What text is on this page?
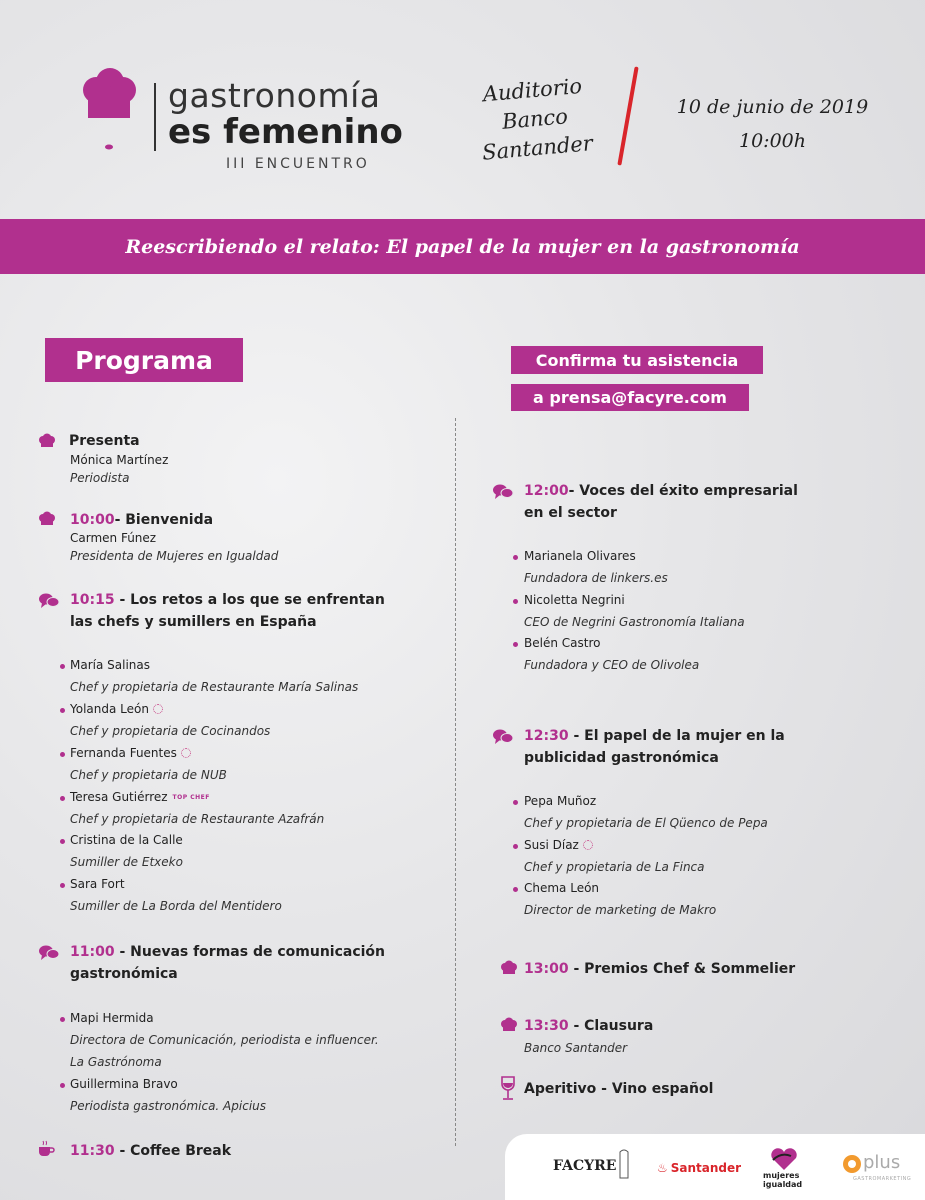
gastronomía
es femenino
III ENCUENTRO
Auditorio
Banco
Santander
10 de junio de 2019
10:00h
Reescribiendo el relato: El papel de la mujer en la gastronomía
Programa	Confirma tu asistencia
a prensa@facyre.com
Presenta
Mónica Martínez
Periodista
10:00- Bienvenida
Carmen Fúnez
Presidenta de Mujeres en Igualdad
10:15 - Los retos a los que se enfrentan
las chefs y sumillers en España
María Salinas
Chef y propietaria de Restaurante María Salinas
Yolanda León
Chef y propietaria de Cocinandos
Fernanda Fuentes
Chef y propietaria de NUB
Teresa Gutiérrez TOP CHEF
Chef y propietaria de Restaurante Azafrán
Cristina de la Calle
Sumiller de Etxeko
Sara Fort
Sumiller de La Borda del Mentidero
11:00 - Nuevas formas de comunicación
gastronómica
Mapi Hermida
Directora de Comunicación, periodista e influencer.
La Gastrónoma
Guillermina Bravo
Periodista gastronómica. Apicius
11:30 - Coffee Break
12:00- Voces del éxito empresarial
en el sector
Marianela Olivares
Fundadora de linkers.es
Nicoletta Negrini
CEO de Negrini Gastronomía Italiana
Belén Castro
Fundadora y CEO de Olivolea
12:30 - El papel de la mujer en la
publicidad gastronómica
Pepa Muñoz
Chef y propietaria de El Qüenco de Pepa
Susi Díaz
Chef y propietaria de La Finca
Chema León
Director de marketing de Makro
13:00 - Premios Chef & Sommelier
13:30 - Clausura
Banco Santander
Aperitivo - Vino español
FACYRE	♨ Santander
mujeres
igualdad
plus
GASTROMARKETING
